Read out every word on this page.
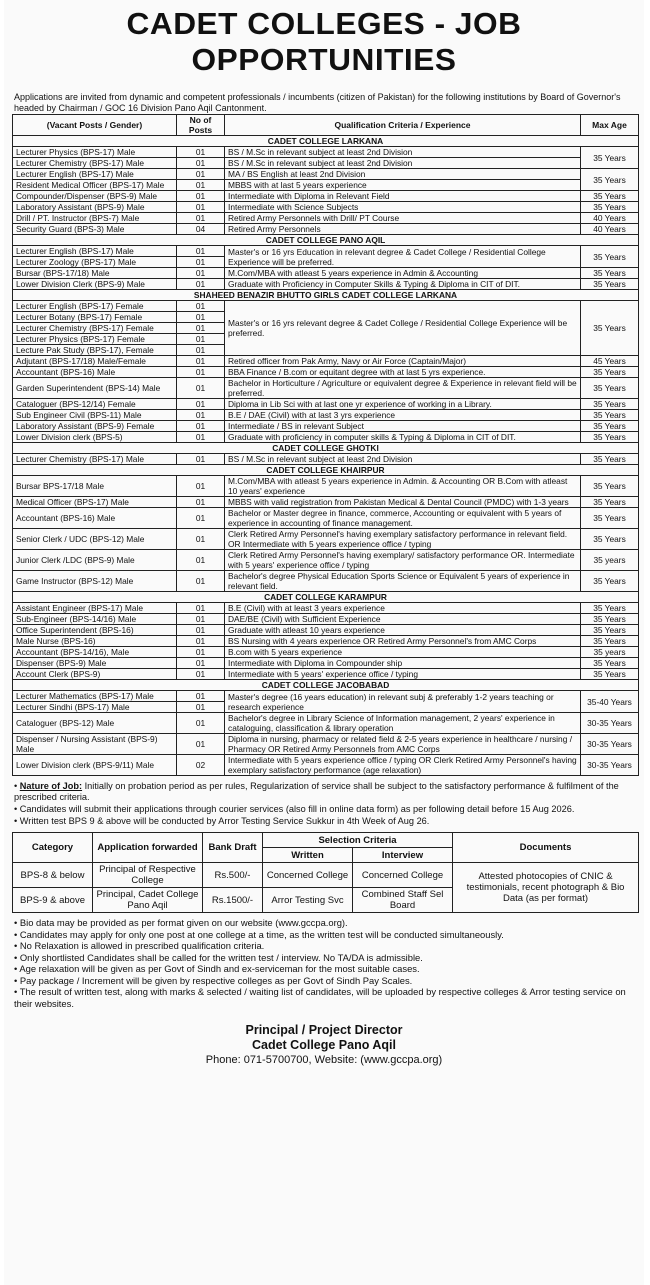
CADET COLLEGES - JOB OPPORTUNITIES
Applications are invited from dynamic and competent professionals / incumbents (citizen of Pakistan) for the following institutions by Board of Governor's headed by Chairman / GOC 16 Division Pano Aqil Cantonment.
(Vacant Posts / Gender)	No of Posts	Qualification Criteria / Experience	Max Age
CADET COLLEGE LARKANA			
Lecturer Physics (BPS-17) Male	01	BS / M.Sc in relevant subject at least 2nd Division	35 Years
Lecturer Chemistry (BPS-17) Male	01	BS / M.Sc in relevant subject at least 2nd Division	
Lecturer English (BPS-17) Male	01	MA / BS English at least 2nd Division	35 Years
Resident Medical Officer (BPS-17) Male	01	MBBS with at last 5 years experience	
Compounder/Dispenser (BPS-9) Male	01	Intermediate with Diploma in Relevant Field	35 Years
Laboratory Assistant (BPS-9) Male	01	Intermediate with Science Subjects	35 Years
Drill / PT. Instructor (BPS-7) Male	01	Retired Army Personnels with Drill/ PT Course	40 Years
Security Guard (BPS-3) Male	04	Retired Army Personnels	40 Years
CADET COLLEGE PANO AQIL			
Lecturer English (BPS-17) Male	01	Master's or 16 yrs Education in relevant degree & Cadet College / Residential College Experience will be preferred.	35 Years
Lecturer Zoology (BPS-17) Male	01		
Bursar (BPS-17/18) Male	01	M.Com/MBA with atleast 5 years experience in Admin & Accounting	35 Years
Lower Division Clerk (BPS-9) Male	01	Graduate with Proficiency in Computer Skills & Typing & Diploma in CIT of DIT.	35 Years
SHAHEED BENAZIR BHUTTO GIRLS CADET COLLEGE LARKANA			
Lecturer English (BPS-17) Female	01	Master's or 16 yrs relevant degree & Cadet College / Residential College Experience will be preferred.	35 Years
Lecturer Botany (BPS-17) Female	01		
Lecturer Chemistry (BPS-17) Female	01		
Lecturer Physics (BPS-17) Female	01		
Lecture Pak Study (BPS-17), Female	01		
Adjutant (BPS-17/18) Male/Female	01	Retired officer from Pak Army, Navy or Air Force (Captain/Major)	45 Years
Accountant (BPS-16) Male	01	BBA Finance / B.com or equitant degree with at last 5 yrs experience.	35 Years
Garden Superintendent (BPS-14) Male	01	Bachelor in Horticulture / Agriculture or equivalent degree & Experience in relevant field will be preferred.	35 Years
Cataloguer (BPS-12/14) Female	01	Diploma in Lib Sci with at last one yr experience of working in a Library.	35 Years
Sub Engineer Civil (BPS-11) Male	01	B.E / DAE (Civil) with at last 3 yrs experience	35 Years
Laboratory Assistant (BPS-9) Female	01	Intermediate / BS in relevant Subject	35 Years
Lower Division clerk (BPS-5)	01	Graduate with proficiency in computer skills & Typing & Diploma in CIT of DIT.	35 Years
CADET COLLEGE GHOTKI			
Lecturer Chemistry (BPS-17) Male	01	BS / M.Sc in relevant subject at least 2nd Division	35 Years
CADET COLLEGE KHAIRPUR			
Bursar BPS-17/18 Male	01	M.Com/MBA with atleast 5 years experience in Admin. & Accounting OR B.Com with atleast 10 years' experience	35 Years
Medical Officer (BPS-17) Male	01	MBBS with valid registration from Pakistan Medical & Dental Council (PMDC) with 1-3 years	35 Years
Accountant (BPS-16) Male	01	Bachelor or Master degree in finance, commerce, Accounting or equivalent with 5 years of experience in accounting of finance management.	35 Years
Senior Clerk / UDC (BPS-12) Male	01	Clerk Retired Army Personnel's having exemplary satisfactory performance in relevant field. OR Intermediate with 5 years experience office / typing	35 Years
Junior Clerk /LDC (BPS-9) Male	01	Clerk Retired Army Personnel's having exemplary/ satisfactory performance OR. Intermediate with 5 years' experience office / typing	35 years
Game Instructor (BPS-12) Male	01	Bachelor's degree Physical Education Sports Science or Equivalent 5 years of experience in relevant field.	35 Years
CADET COLLEGE KARAMPUR			
Assistant Engineer (BPS-17) Male	01	B.E (Civil) with at least 3 years experience	35 Years
Sub-Engineer (BPS-14/16) Male	01	DAE/BE (Civil) with Sufficient Experience	35 Years
Office Superintendent (BPS-16)	01	Graduate with atleast 10 years experience	35 Years
Male Nurse (BPS-16)	01	BS Nursing with 4 years experience OR Retired Army Personnel's from AMC Corps	35 Years
Accountant (BPS-14/16), Male	01	B.com with 5 years experience	35 years
Dispenser (BPS-9) Male	01	Intermediate with Diploma in Compounder ship	35 Years
Account Clerk (BPS-9)	01	Intermediate with 5 years' experience office / typing	35 Years
CADET COLLEGE JACOBABAD			
Lecturer Mathematics (BPS-17) Male	01	Master's degree (16 years education) in relevant subj & preferably 1-2 years teaching or research experience	35-40 Years
Lecturer Sindhi (BPS-17) Male	01		
Cataloguer (BPS-12) Male	01	Bachelor's degree in Library Science of Information management, 2 years' experience in cataloguing, classification & library operation	30-35 Years
Dispenser / Nursing Assistant (BPS-9) Male	01	Diploma in nursing, pharmacy or related field & 2-5 years experience in healthcare / nursing / Pharmacy OR Retired Army Personnels from AMC Corps	30-35 Years
Lower Division clerk (BPS-9/11) Male	02	Intermediate with 5 years experience office / typing OR Clerk Retired Army Personnel's having exemplary satisfactory performance (age relaxation)	30-35 Years
• Nature of Job: Initially on probation period as per rules, Regularization of service shall be subject to the satisfactory performance & fulfilment of the prescribed criteria.
• Candidates will submit their applications through courier services (also fill in online data form) as per following detail before 15 Aug 2026.
• Written test BPS 9 & above will be conducted by Arror Testing Service Sukkur in 4th Week of Aug 26.
Category	Application forwarded	Bank Draft	Selection Criteria		Documents
			Written	Interview	
BPS-8 & below	Principal of Respective College	Rs.500/-	Concerned College	Concerned College	Attested photocopies of CNIC & testimonials, recent photograph & Bio Data (as per format)
BPS-9 & above	Principal, Cadet College Pano Aqil	Rs.1500/-	Arror Testing Svc	Combined Staff Sel Board	
• Bio data may be provided as per format given on our website (www.gccpa.org).
• Candidates may apply for only one post at one college at a time, as the written test will be conducted simultaneously.
• No Relaxation is allowed in prescribed qualification criteria.
• Only shortlisted Candidates shall be called for the written test / interview. No TA/DA is admissible.
• Age relaxation will be given as per Govt of Sindh and ex-serviceman for the most suitable cases.
• Pay package / Increment will be given by respective colleges as per Govt of Sindh Pay Scales.
• The result of written test, along with marks & selected / waiting list of candidates, will be uploaded by respective colleges & Arror testing service on their websites.
Principal / Project Director
Cadet College Pano Aqil
Phone: 071-5700700, Website: (www.gccpa.org)
